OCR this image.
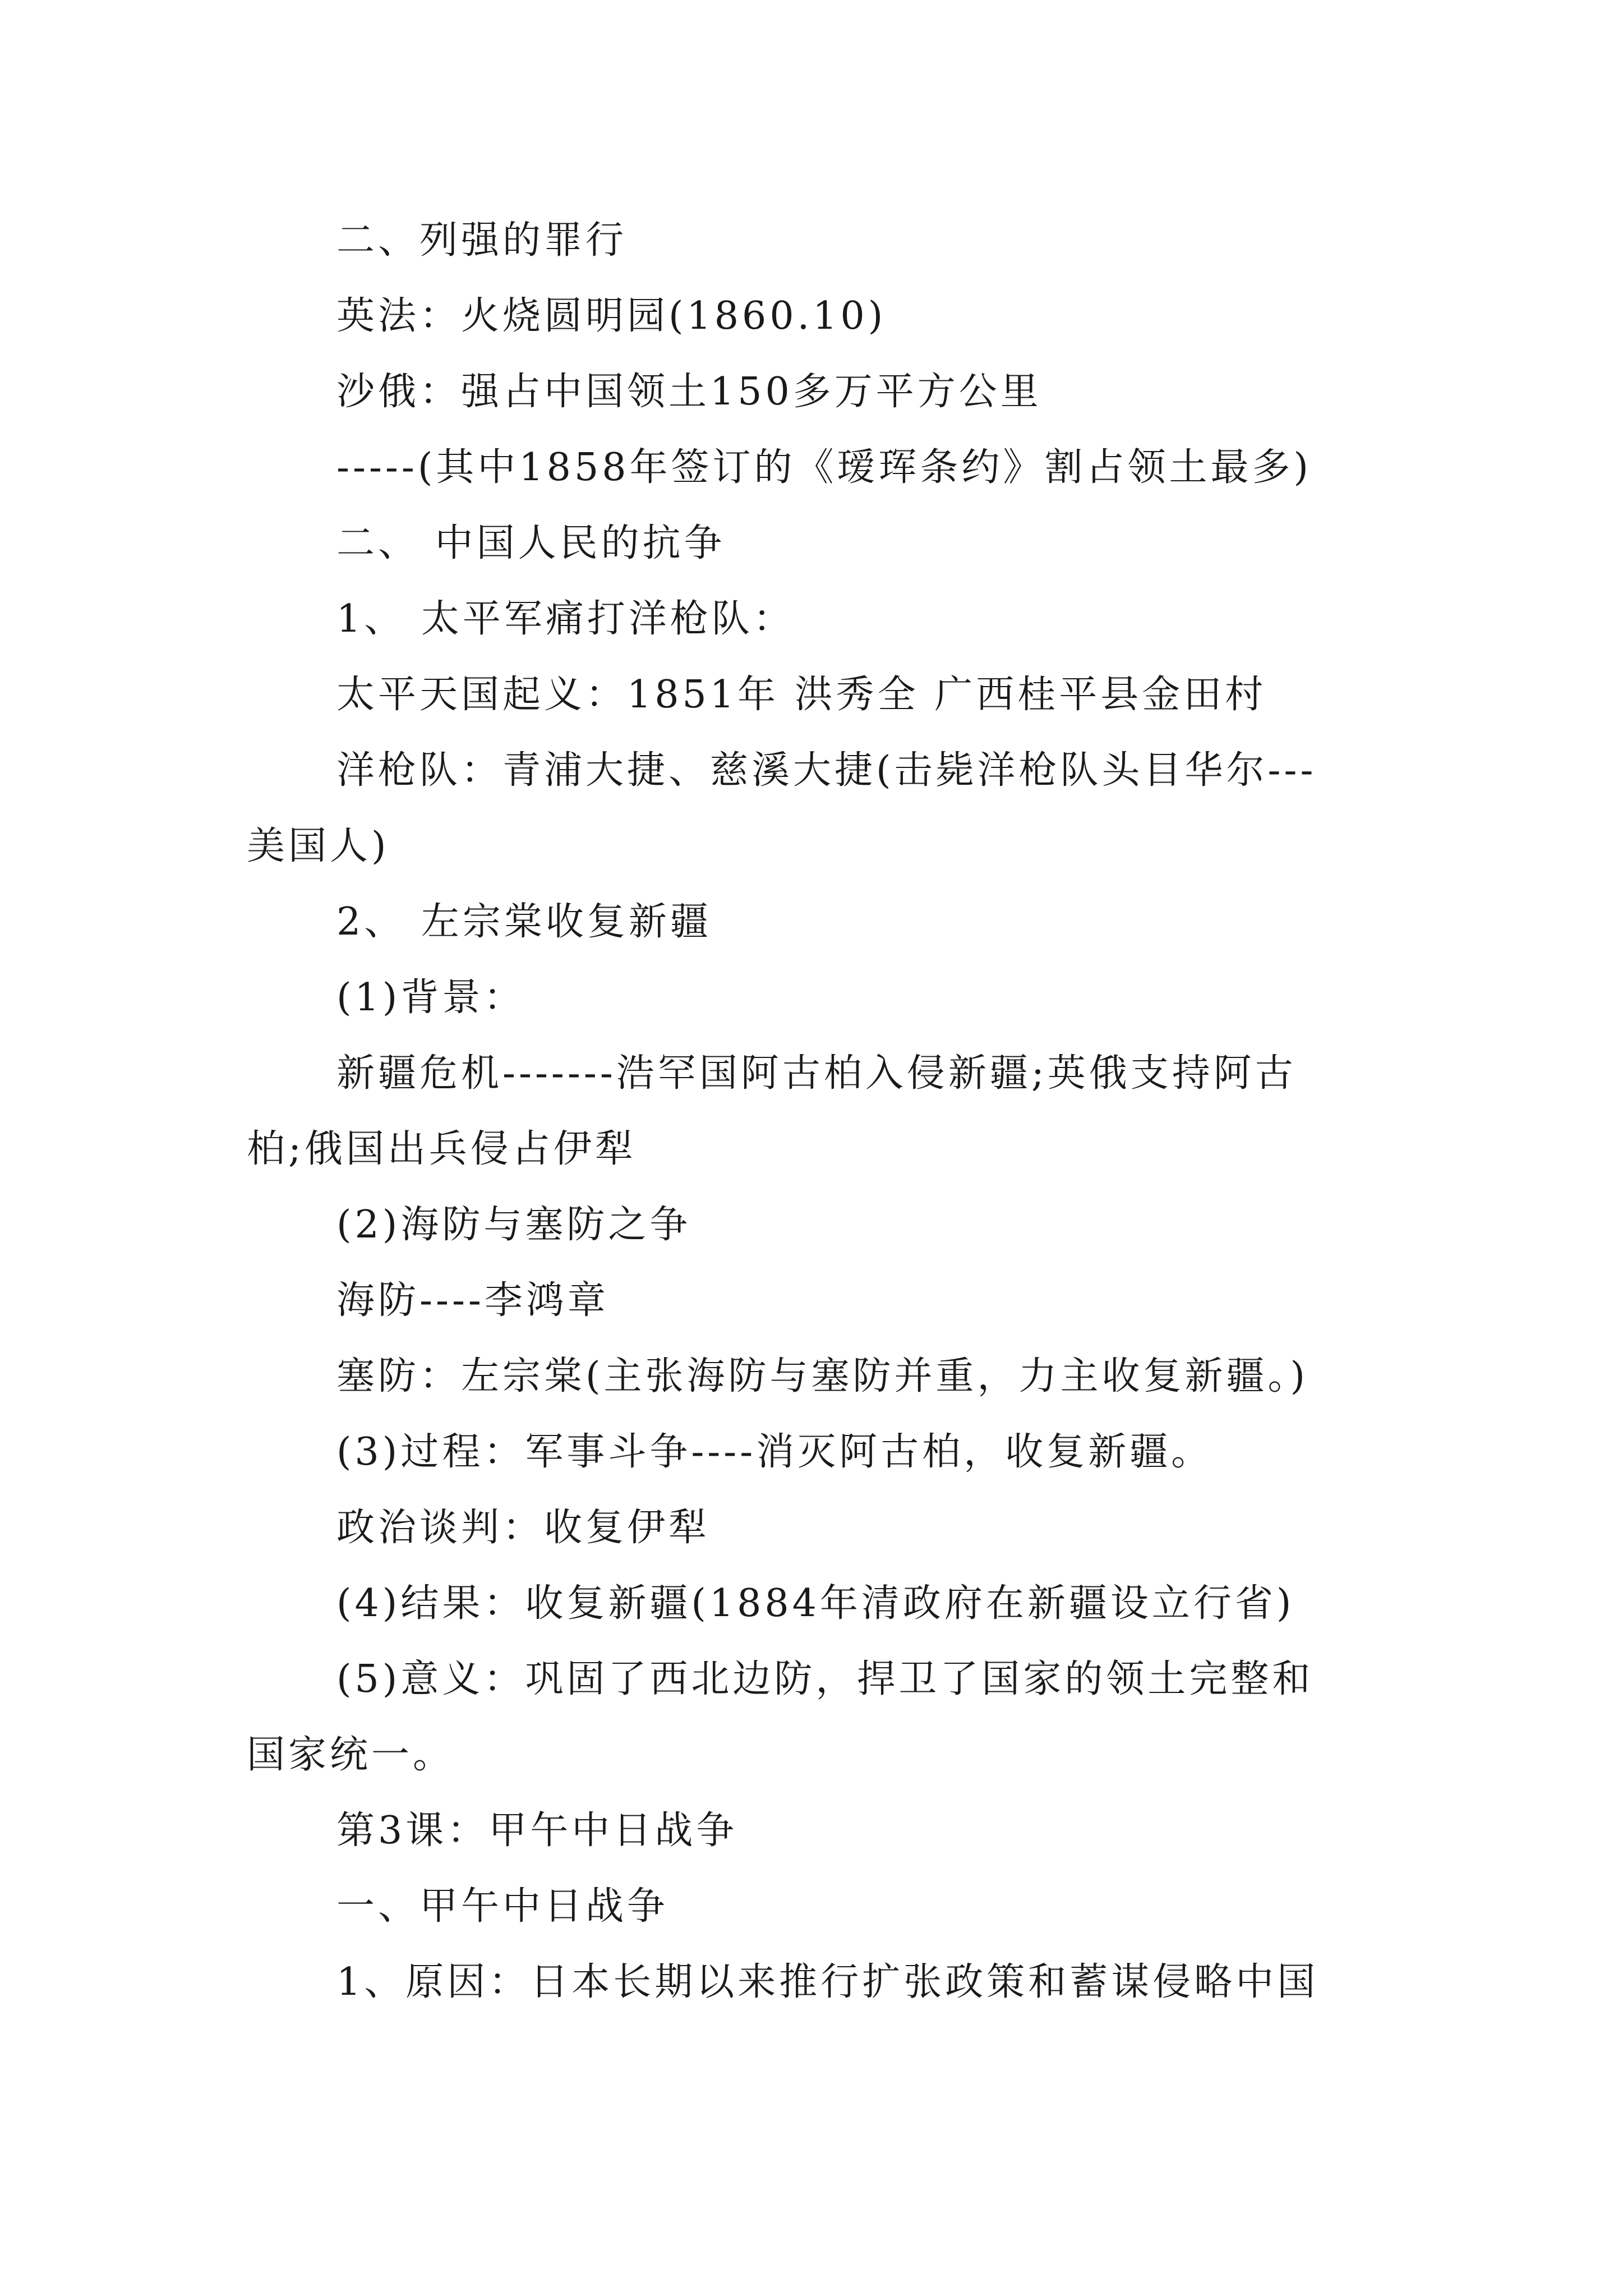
二、列强的罪行
英法：火烧圆明园(1860.10)
沙俄：强占中国领土150多万平方公里
-----(其中1858年签订的《瑷珲条约》割占领土最多)
二、 中国人民的抗争
1、 太平军痛打洋枪队：
太平天国起义：1851年 洪秀全 广西桂平县金田村
洋枪队：青浦大捷、慈溪大捷(击毙洋枪队头目华尔---
美国人)
2、 左宗棠收复新疆
(1)背景：
新疆危机-------浩罕国阿古柏入侵新疆;英俄支持阿古
柏;俄国出兵侵占伊犁
(2)海防与塞防之争
海防----李鸿章
塞防：左宗棠(主张海防与塞防并重，力主收复新疆。)
(3)过程：军事斗争----消灭阿古柏，收复新疆。
政治谈判：收复伊犁
(4)结果：收复新疆(1884年清政府在新疆设立行省)
(5)意义：巩固了西北边防，捍卫了国家的领土完整和
国家统一。
第3课：甲午中日战争
一、甲午中日战争
1、原因：日本长期以来推行扩张政策和蓄谋侵略中国
